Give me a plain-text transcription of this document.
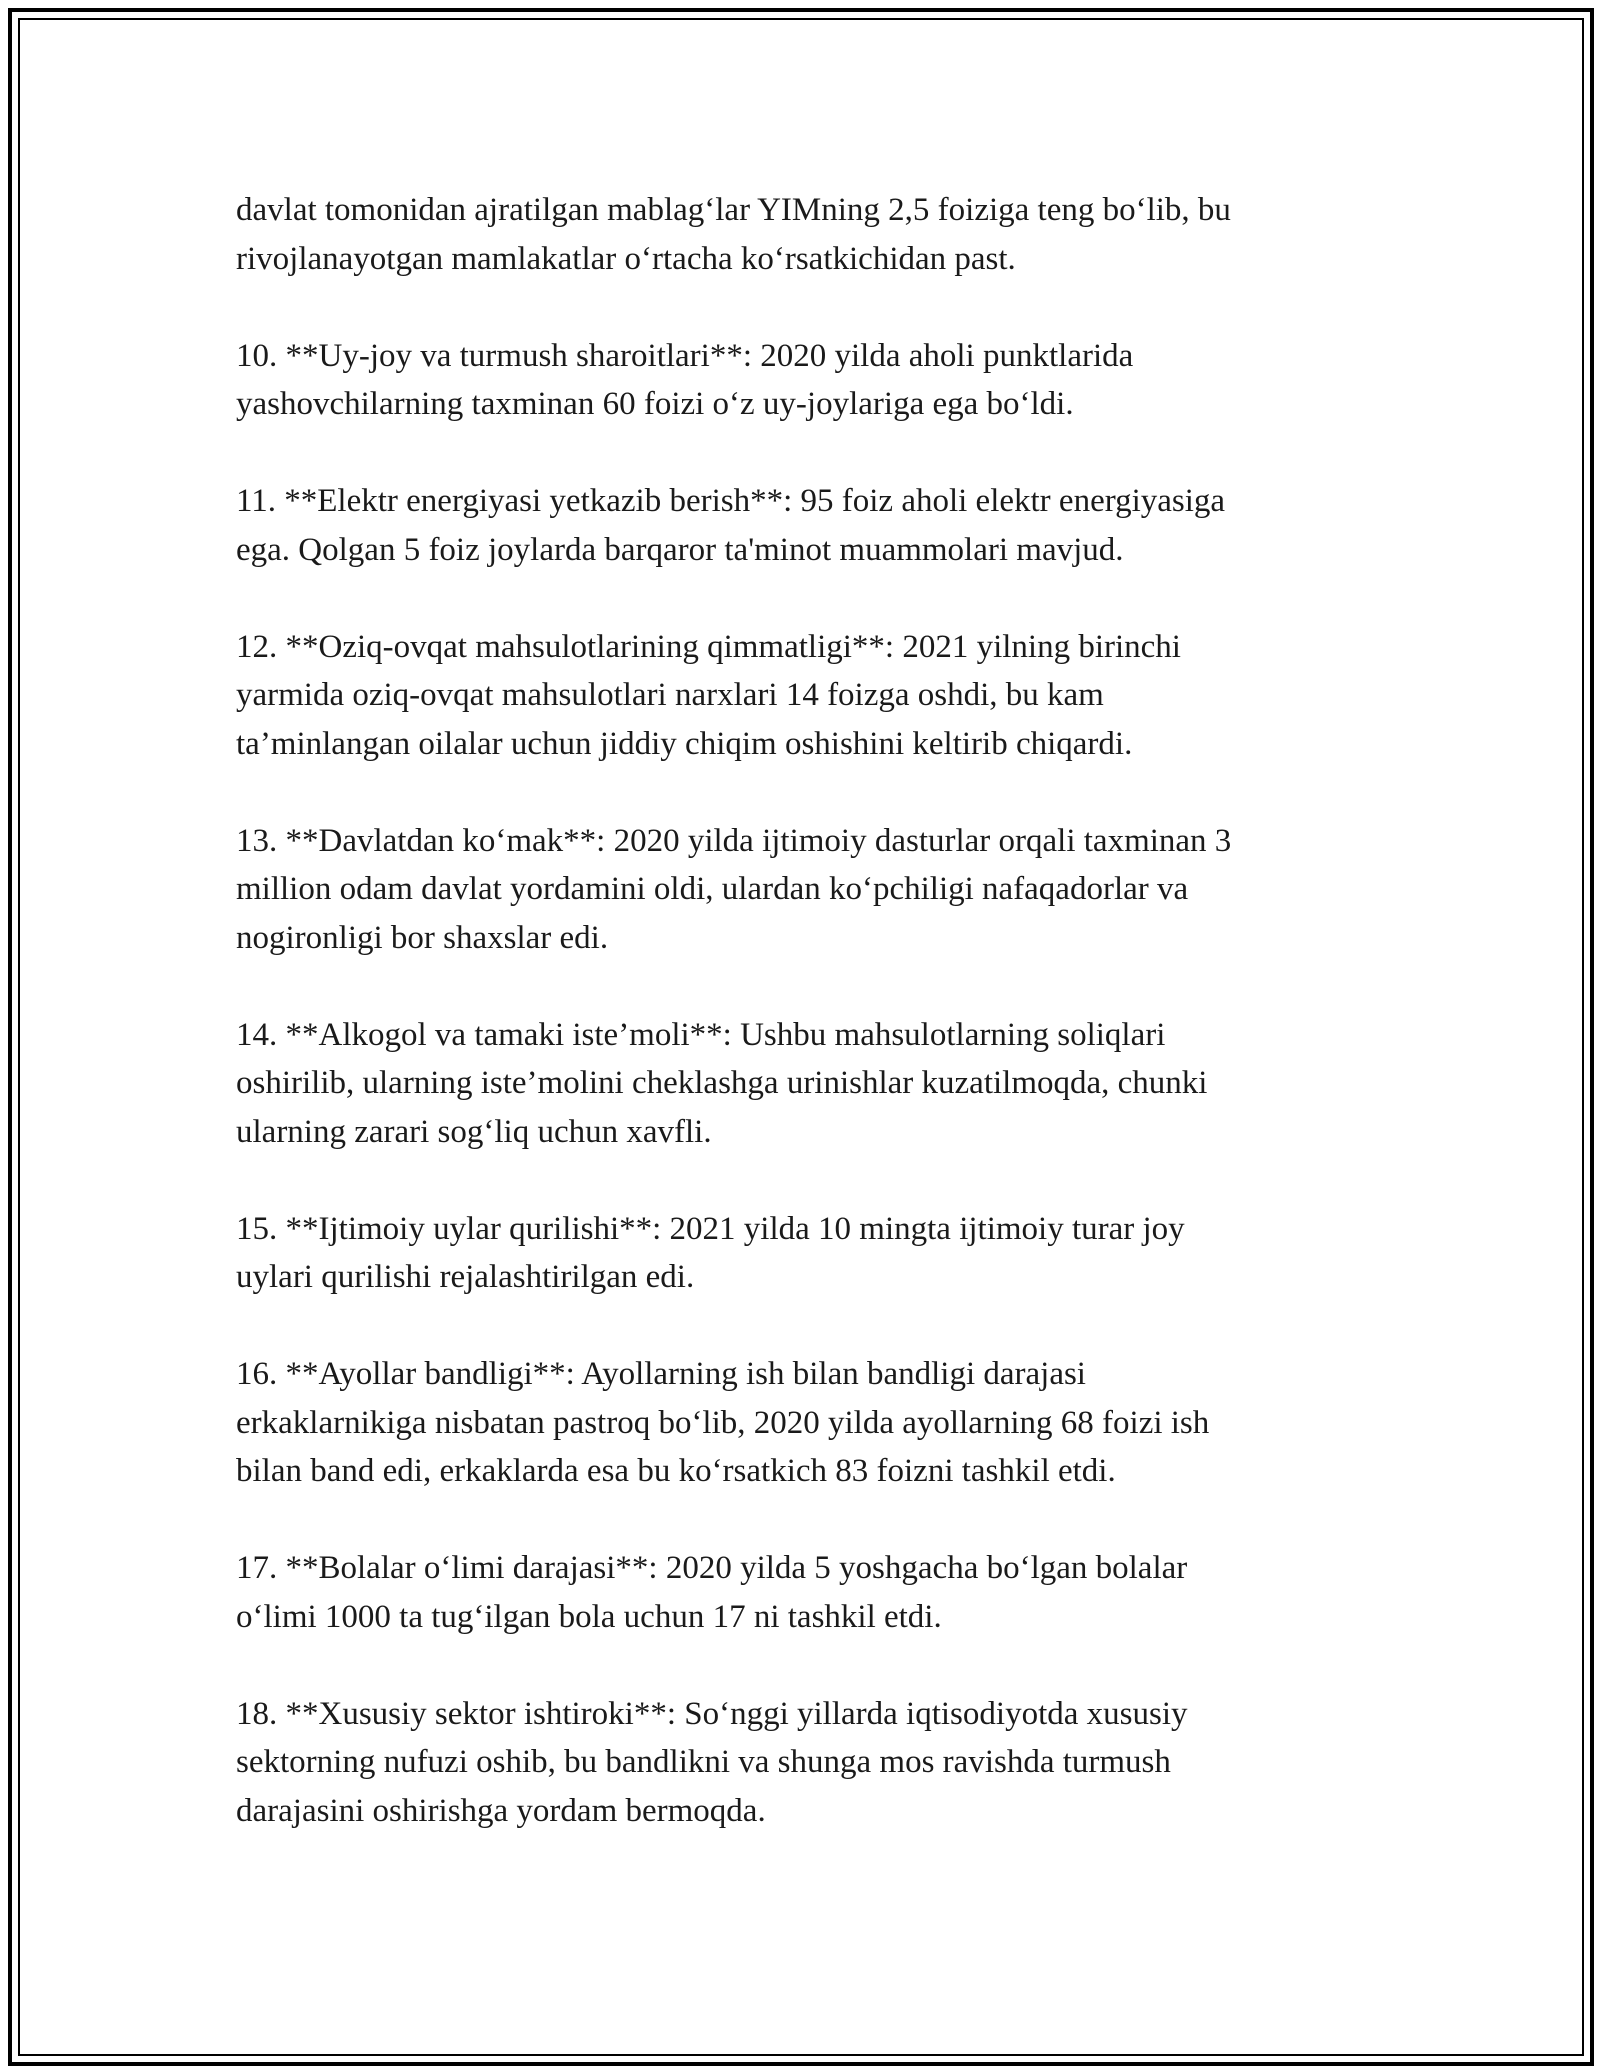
davlat tomonidan ajratilgan mablag‘lar YIMning 2,5 foiziga teng bo‘lib, bu
rivojlanayotgan mamlakatlar o‘rtacha ko‘rsatkichidan past.

10. **Uy-joy va turmush sharoitlari**: 2020 yilda aholi punktlarida
yashovchilarning taxminan 60 foizi o‘z uy-joylariga ega bo‘ldi.

11. **Elektr energiyasi yetkazib berish**: 95 foiz aholi elektr energiyasiga
ega. Qolgan 5 foiz joylarda barqaror ta'minot muammolari mavjud.

12. **Oziq-ovqat mahsulotlarining qimmatligi**: 2021 yilning birinchi
yarmida oziq-ovqat mahsulotlari narxlari 14 foizga oshdi, bu kam
ta’minlangan oilalar uchun jiddiy chiqim oshishini keltirib chiqardi.

13. **Davlatdan ko‘mak**: 2020 yilda ijtimoiy dasturlar orqali taxminan 3
million odam davlat yordamini oldi, ulardan ko‘pchiligi nafaqadorlar va
nogironligi bor shaxslar edi.

14. **Alkogol va tamaki iste’moli**: Ushbu mahsulotlarning soliqlari
oshirilib, ularning iste’molini cheklashga urinishlar kuzatilmoqda, chunki
ularning zarari sog‘liq uchun xavfli.

15. **Ijtimoiy uylar qurilishi**: 2021 yilda 10 mingta ijtimoiy turar joy
uylari qurilishi rejalashtirilgan edi.

16. **Ayollar bandligi**: Ayollarning ish bilan bandligi darajasi
erkaklarnikiga nisbatan pastroq bo‘lib, 2020 yilda ayollarning 68 foizi ish
bilan band edi, erkaklarda esa bu ko‘rsatkich 83 foizni tashkil etdi.

17. **Bolalar o‘limi darajasi**: 2020 yilda 5 yoshgacha bo‘lgan bolalar
o‘limi 1000 ta tug‘ilgan bola uchun 17 ni tashkil etdi.

18. **Xususiy sektor ishtiroki**: So‘nggi yillarda iqtisodiyotda xususiy
sektorning nufuzi oshib, bu bandlikni va shunga mos ravishda turmush
darajasini oshirishga yordam bermoqda.
